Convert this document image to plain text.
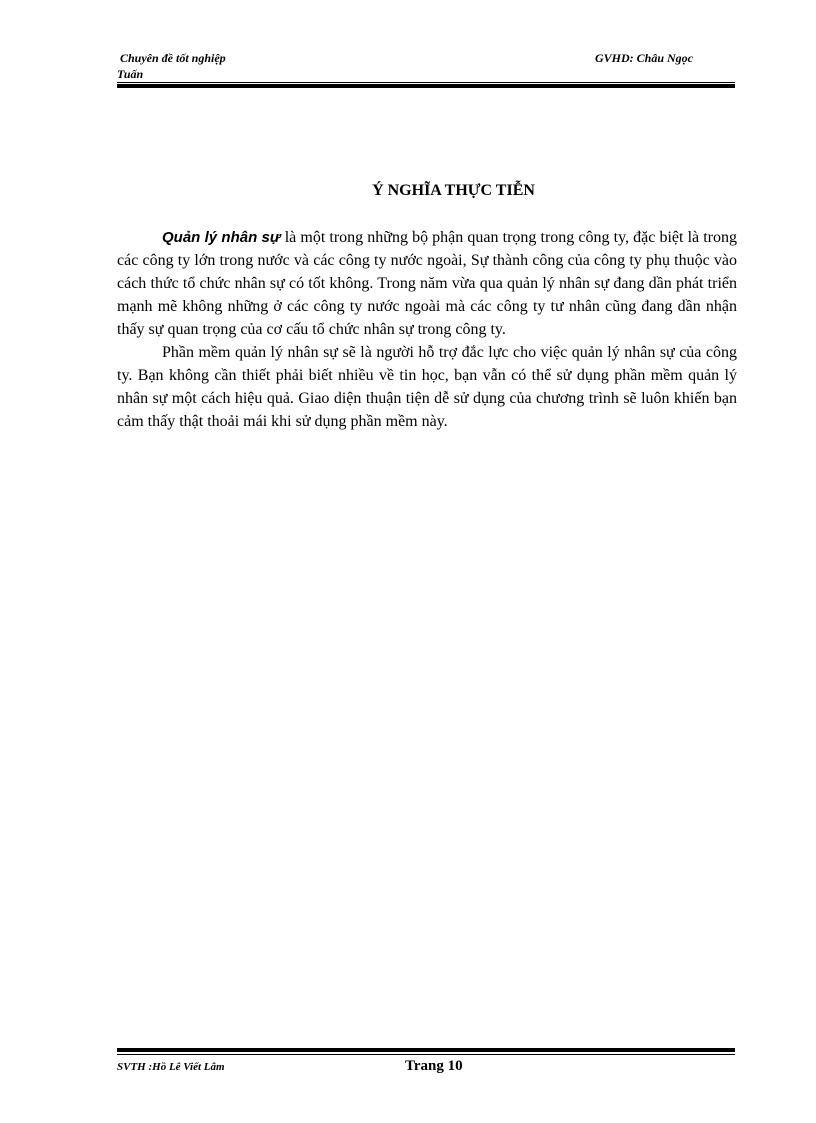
Chuyên đề tốt nghiệp
Tuấn
GVHD: Châu Ngọc
Ý NGHĨA THỰC TIỄN

Quản lý nhân sự là một trong những bộ phận quan trọng trong công ty, đặc biệt là trong các công ty lớn trong nước và các công ty nước ngoài, Sự thành công của công ty phụ thuộc vào cách thức tổ chức nhân sự có tốt không. Trong năm vừa qua quản lý nhân sự đang dần phát triển mạnh mẽ không những ở các công ty nước ngoài mà các công ty tư nhân cũng đang dần nhận thấy sự quan trọng của cơ cấu tổ chức nhân sự trong công ty.

Phần mềm quản lý nhân sự sẽ là người hỗ trợ đắc lực cho việc quản lý nhân sự của công ty. Bạn không cần thiết phải biết nhiều về tin học, bạn vẫn có thể sử dụng phần mềm quản lý nhân sự một cách hiệu quả. Giao diện thuận tiện dễ sử dụng của chương trình sẽ luôn khiến bạn cảm thấy thật thoải mái khi sử dụng phần mềm này.

SVTH :Hồ Lê Viết Lâm	Trang 10
